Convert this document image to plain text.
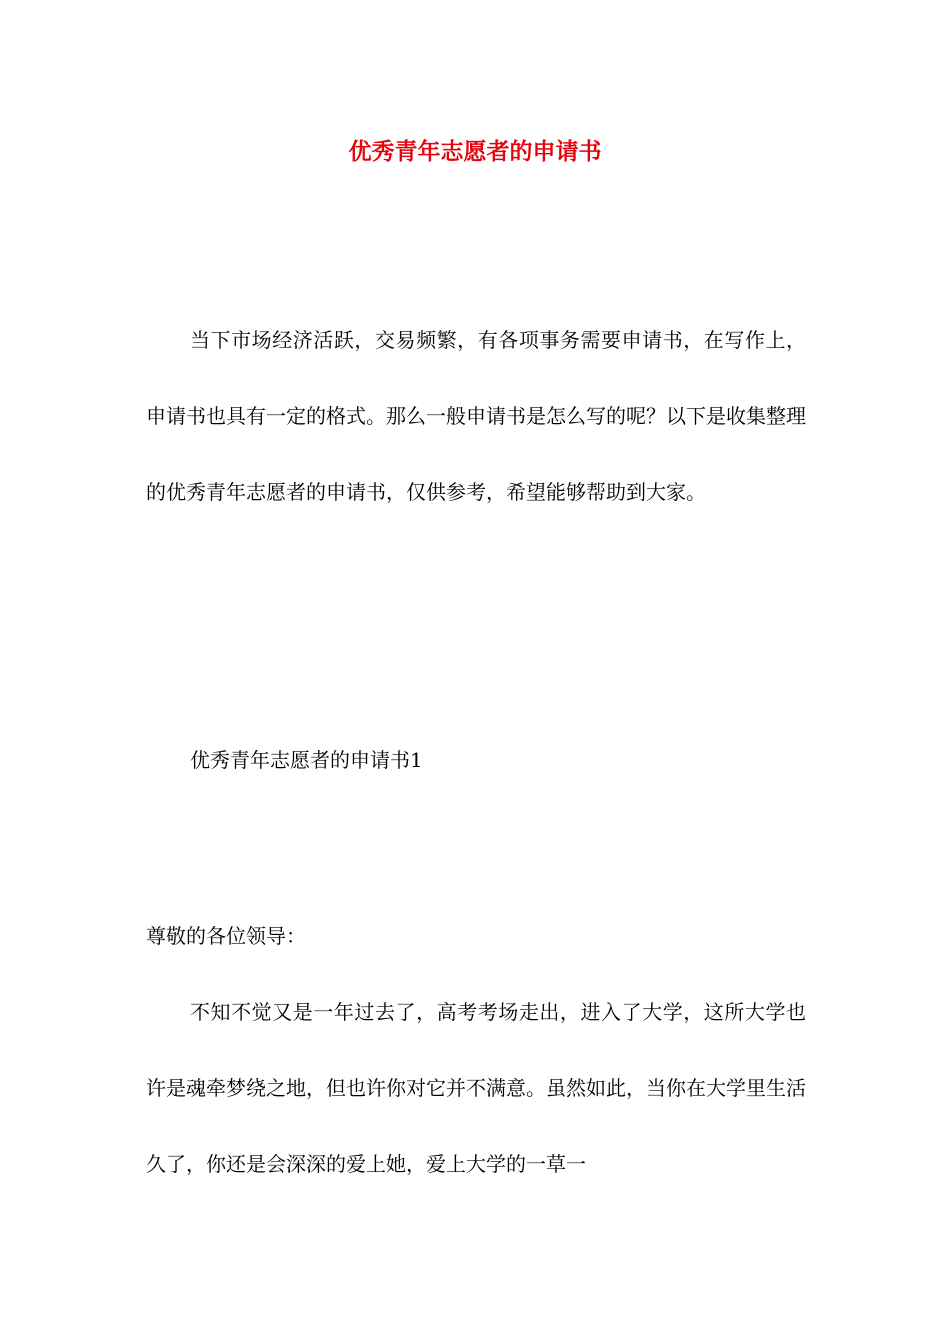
优秀青年志愿者的申请书

当下市场经济活跃，交易频繁，有各项事务需要申请书，在写作上，申请书也具有一定的格式。那么一般申请书是怎么写的呢？以下是收集整理的优秀青年志愿者的申请书，仅供参考，希望能够帮助到大家。

优秀青年志愿者的申请书1

尊敬的各位领导：

不知不觉又是一年过去了，高考考场走出，进入了大学，这所大学也许是魂牵梦绕之地，但也许你对它并不满意。虽然如此，当你在大学里生活久了，你还是会深深的爱上她，爱上大学的一草一
